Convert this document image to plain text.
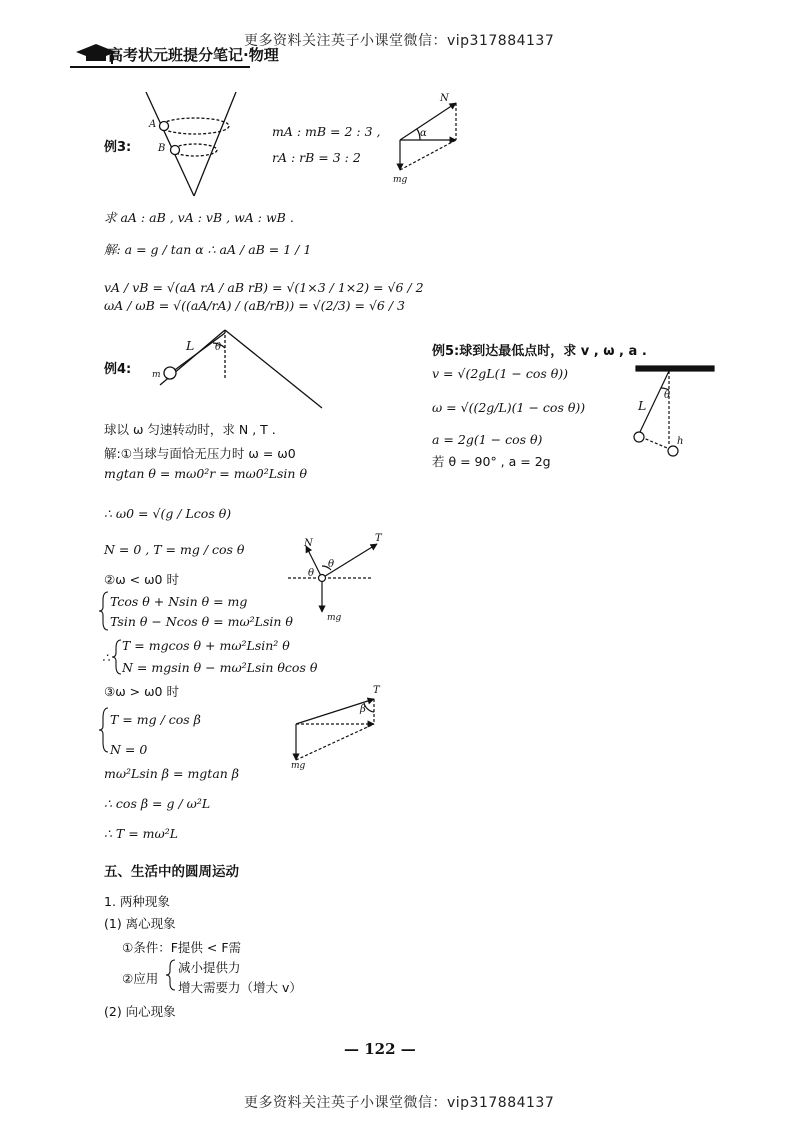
更多资料关注英子小课堂微信：vip317884137
高考状元班提分笔记·物理
例3:
A
B
mA : mB = 2 : 3 ,
rA : rB = 3 : 2
N
α
mg
求 aA : aB , vA : vB , wA : wB .
解: a = g / tan α ∴ aA / aB = 1 / 1
vA / vB = √(aA rA / aB rB) = √(1×3 / 1×2) = √6 / 2
ωA / ωB = √((aA/rA) / (aB/rB)) = √(2/3) = √6 / 3
例4:
L θ
m
球以 ω 匀速转动时，求 N , T .
解:①当球与面恰无压力时 ω = ω0
mgtan θ = mω0²r = mω0²Lsin θ
∴ ω0 = √(g / Lcos θ)
N = 0 , T = mg / cos θ	N	T
θ
θ
mg
②ω < ω0 时
Tcos θ + Nsin θ = mg
Tsin θ − Ncos θ = mω²Lsin θ
∴
T = mgcos θ + mω²Lsin² θ
N = mgsin θ − mω²Lsin θcos θ
③ω > ω0 时	T
β
mg
T = mg / cos β
N = 0
mω²Lsin β = mgtan β
∴ cos β = g / ω²L
∴ T = mω²L
例5:球到达最低点时，求 v , ω , a .
v = √(2gL(1 − cos θ))
ω = √((2g/L)(1 − cos θ))
a = 2g(1 − cos θ)
若 θ = 90° , a = 2g
L
θ
h
五、生活中的圆周运动
1. 两种现象
(1) 离心现象
①条件：F提供 < F需
②应用
减小提供力
增大需要力（增大 v）
(2) 向心现象
— 122 —
更多资料关注英子小课堂微信：vip317884137
